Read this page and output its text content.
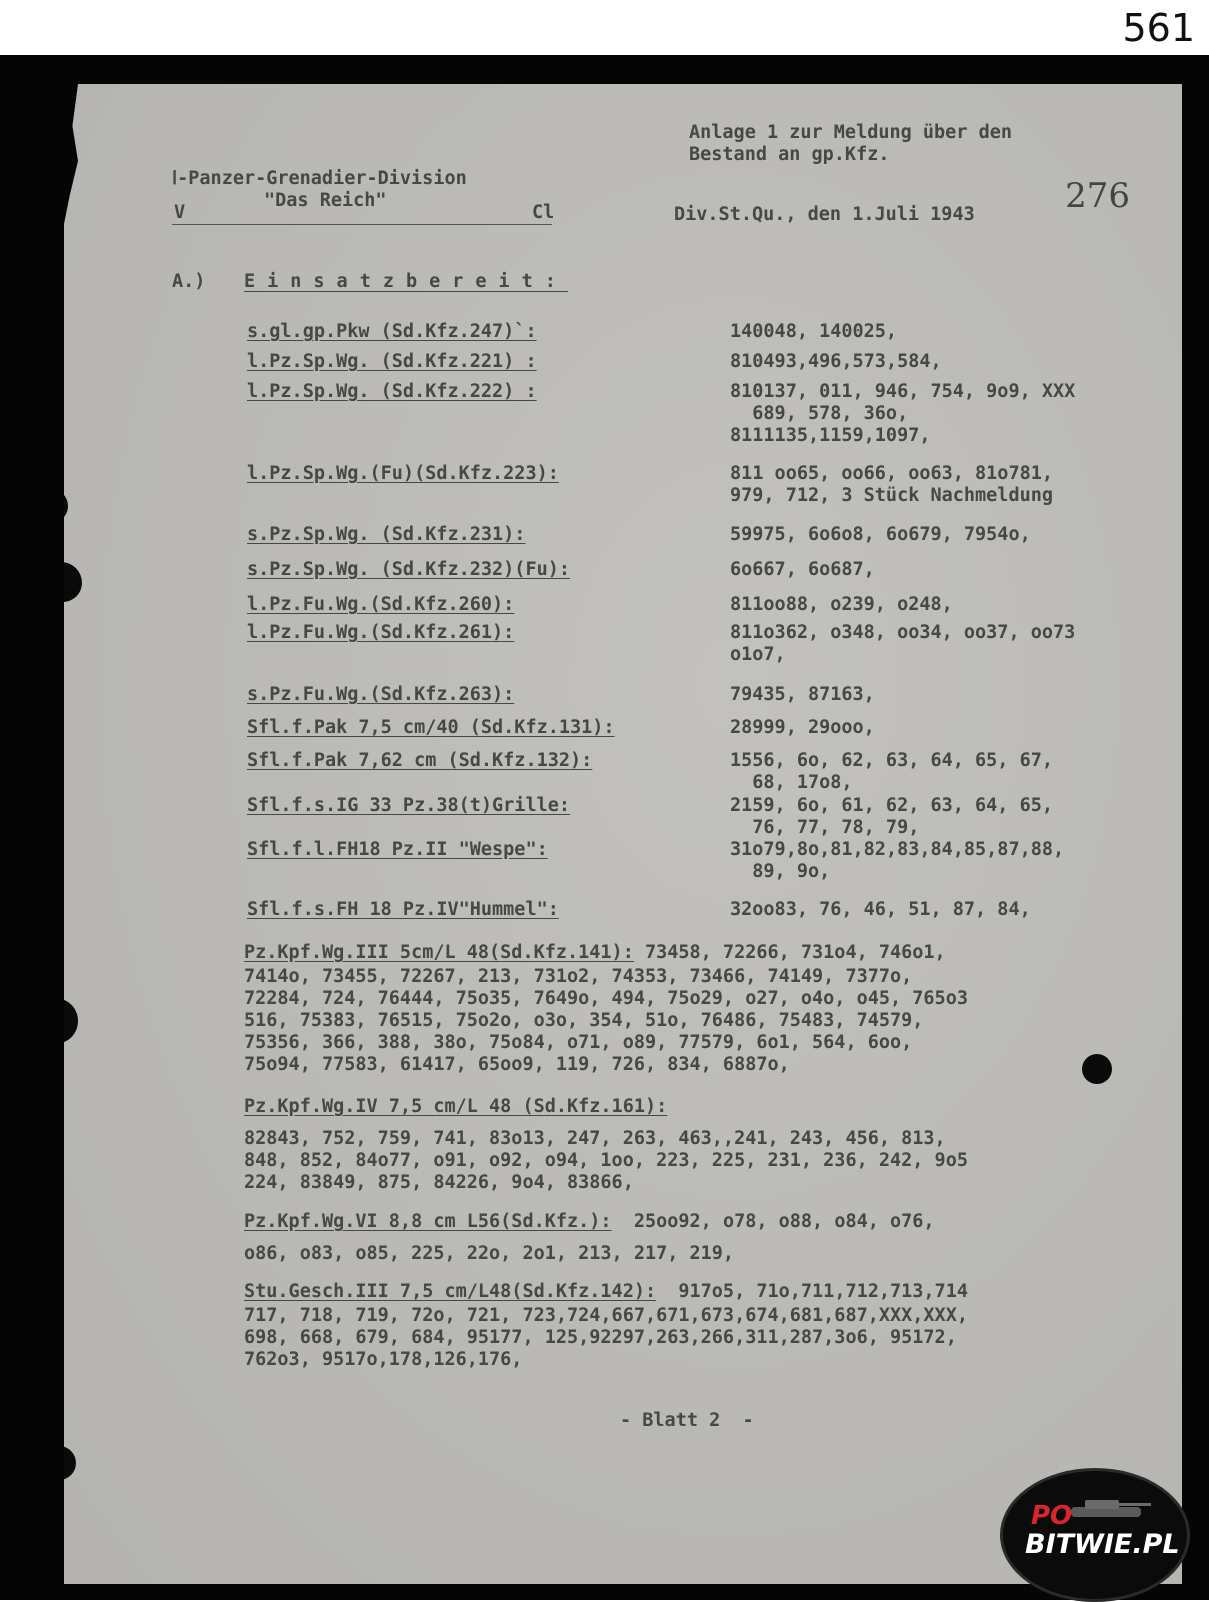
561
Anlage 1 zur Meldung über den
Bestand an gp.Kfz.
276
ߊ-Panzer-Grenadier-Division
"Das Reich"
V	Cl	Div.St.Qu., den 1.Juli 1943
A.) Einsatzbereit:
s.gl.gp.Pkw (Sd.Kfz.247)`:	140048, 140025,
l.Pz.Sp.Wg. (Sd.Kfz.221) :	810493,496,573,584,
l.Pz.Sp.Wg. (Sd.Kfz.222) :	810137, 011, 946, 754, 9o9, XXX
689, 578, 36o,
8111135,1159,1097,
l.Pz.Sp.Wg.(Fu)(Sd.Kfz.223):	811 oo65, oo66, oo63, 81o781,
979, 712, 3 Stück Nachmeldung
s.Pz.Sp.Wg. (Sd.Kfz.231):	59975, 6o6o8, 6o679, 7954o,
s.Pz.Sp.Wg. (Sd.Kfz.232)(Fu):	6o667, 6o687,
l.Pz.Fu.Wg.(Sd.Kfz.260):	811oo88, o239, o248,
l.Pz.Fu.Wg.(Sd.Kfz.261):	811o362, o348, oo34, oo37, oo73
o1o7,
s.Pz.Fu.Wg.(Sd.Kfz.263):	79435, 87163,
Sfl.f.Pak 7,5 cm/40 (Sd.Kfz.131):	28999, 29ooo,
Sfl.f.Pak 7,62 cm (Sd.Kfz.132):	1556, 6o, 62, 63, 64, 65, 67,
68, 17o8,
Sfl.f.s.IG 33 Pz.38(t)Grille:	2159, 6o, 61, 62, 63, 64, 65,
76, 77, 78, 79,
Sfl.f.l.FH18 Pz.II "Wespe":	31o79,8o,81,82,83,84,85,87,88,
89, 9o,
Sfl.f.s.FH 18 Pz.IV"Hummel":	32oo83, 76, 46, 51, 87, 84,
Pz.Kpf.Wg.III 5cm/L 48(Sd.Kfz.141): 73458, 72266, 731o4, 746o1,
7414o, 73455, 72267, 213, 731o2, 74353, 73466, 74149, 7377o,
72284, 724, 76444, 75o35, 7649o, 494, 75o29, o27, o4o, o45, 765o3
516, 75383, 76515, 75o2o, o3o, 354, 51o, 76486, 75483, 74579,
75356, 366, 388, 38o, 75o84, o71, o89, 77579, 6o1, 564, 6oo,
75o94, 77583, 61417, 65oo9, 119, 726, 834, 6887o,
Pz.Kpf.Wg.IV 7,5 cm/L 48 (Sd.Kfz.161):
82843, 752, 759, 741, 83o13, 247, 263, 463,,241, 243, 456, 813,
848, 852, 84o77, o91, o92, o94, 1oo, 223, 225, 231, 236, 242, 9o5
224, 83849, 875, 84226, 9o4, 83866,
Pz.Kpf.Wg.VI 8,8 cm L56(Sd.Kfz.):  25oo92, o78, o88, o84, o76,
o86, o83, o85, 225, 22o, 2o1, 213, 217, 219,
Stu.Gesch.III 7,5 cm/L48(Sd.Kfz.142):  917o5, 71o,711,712,713,714
717, 718, 719, 72o, 721, 723,724,667,671,673,674,681,687,XXX,XXX,
698, 668, 679, 684, 95177, 125,92297,263,266,311,287,3o6, 95172,
762o3, 9517o,178,126,176,
- Blatt 2  -
PO
BITWIE.PL
